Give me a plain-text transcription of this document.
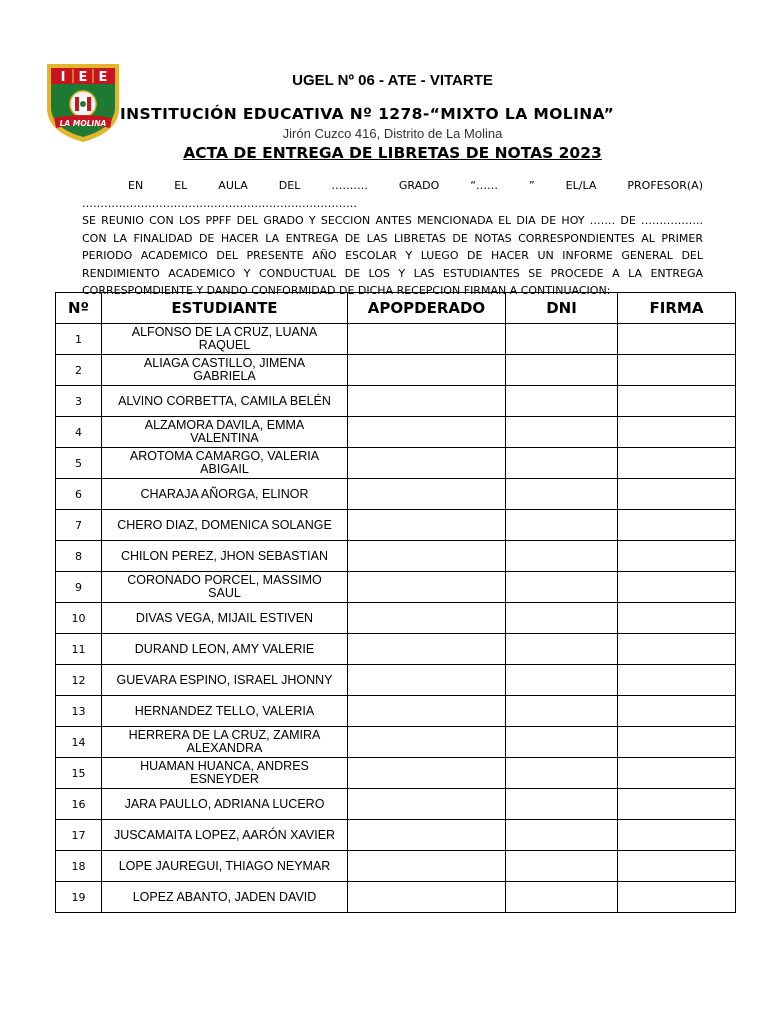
I E E
LA MOLINA
UGEL Nº 06 - ATE - VITARTE
INSTITUCIÓN EDUCATIVA Nº 1278-“MIXTO LA MOLINA”
Jirón Cuzco 416, Distrito de La Molina
ACTA DE ENTREGA DE LIBRETAS DE NOTAS 2023
EN EL AULA DEL ………. GRADO “…… ” EL/LA PROFESOR(A) …………………………………………………………………
SE REUNIO CON LOS PPFF DEL GRADO Y SECCION ANTES MENCIONADA EL DIA DE HOY ……. DE ……………..
CON LA FINALIDAD DE HACER LA ENTREGA DE LAS LIBRETAS DE NOTAS CORRESPONDIENTES AL PRIMER
PERIODO ACADEMICO DEL PRESENTE AÑO ESCOLAR Y LUEGO DE HACER UN INFORME GENERAL DEL
RENDIMIENTO ACADEMICO Y CONDUCTUAL DE LOS Y LAS ESTUDIANTES SE PROCEDE A LA ENTREGA
CORRESPOMDIENTE Y DANDO CONFORMIDAD DE DICHA RECEPCION FIRMAN A CONTINUACION:
Nº	ESTUDIANTE	APOPDERADO	DNI	FIRMA
1	ALFONSO DE LA CRUZ, LUANA
RAQUEL			

2	ALIAGA CASTILLO, JIMENA
GABRIELA			

3	ALVINO CORBETTA, CAMILA BELÉN			

4	ALZAMORA DAVILA, EMMA
VALENTINA			

5	AROTOMA CAMARGO, VALERIA
ABIGAIL			

6	CHARAJA AÑORGA, ELINOR			

7	CHERO DIAZ, DOMENICA SOLANGE			

8	CHILON PEREZ, JHON SEBASTIAN			

9	CORONADO PORCEL, MASSIMO
SAUL			

10	DIVAS VEGA, MIJAIL ESTIVEN			

11	DURAND LEON, AMY VALERIE			

12	GUEVARA ESPINO, ISRAEL JHONNY			

13	HERNANDEZ TELLO, VALERIA			

14	HERRERA DE LA CRUZ, ZAMIRA
ALEXANDRA			

15	HUAMAN HUANCA, ANDRES
ESNEYDER			

16	JARA PAULLO, ADRIANA LUCERO			

17	JUSCAMAITA LOPEZ, AARÓN XAVIER			

18	LOPE JAUREGUI, THIAGO NEYMAR			

19	LOPEZ ABANTO, JADEN DAVID			
